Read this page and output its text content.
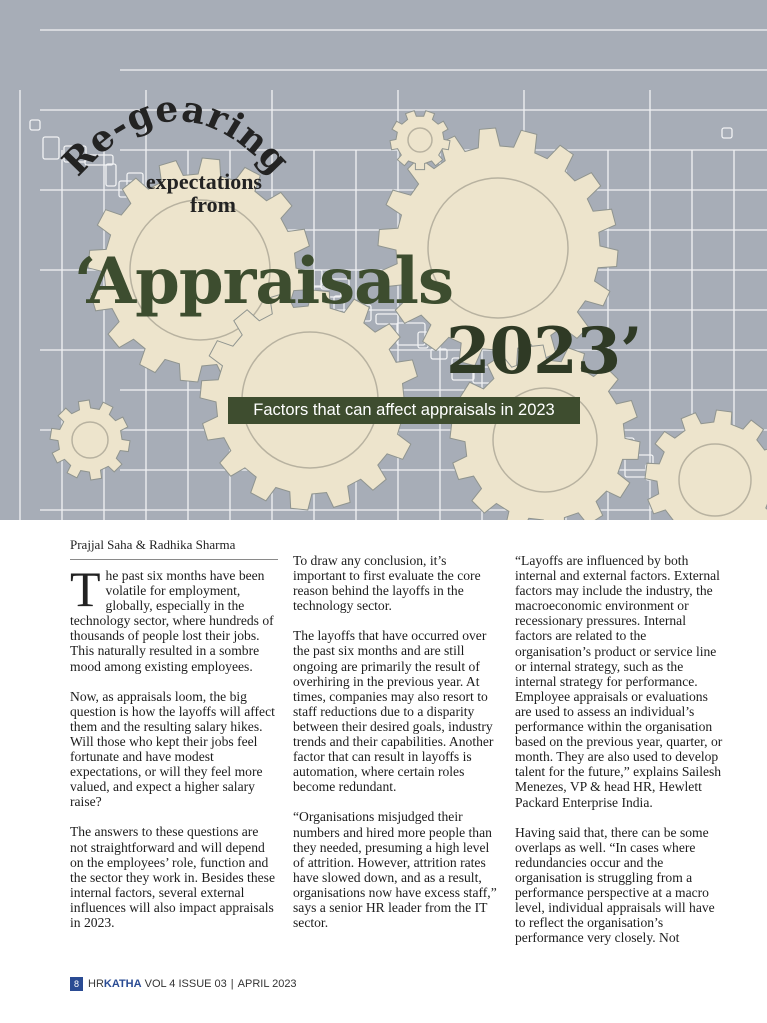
Re-gearing
expectations
from
‘Appraisals
2023’
Factors that can affect appraisals in 2023
Prajjal Saha & Radhika Sharma

The past six months have been volatile for employment, globally, especially in the technology sector, where hundreds of thousands of people lost their jobs. This naturally resulted in a sombre mood among existing employees.

Now, as appraisals loom, the big question is how the layoffs will affect them and the resulting salary hikes. Will those who kept their jobs feel fortunate and have modest expectations, or will they feel more valued, and expect a higher salary raise?

The answers to these questions are not straightforward and will depend on the employees’ role, function and the sector they work in. Besides these internal factors, several external influences will also impact appraisals in 2023.

To draw any conclusion, it’s important to first evaluate the core reason behind the layoffs in the technology sector.

The layoffs that have occurred over the past six months and are still ongoing are primarily the result of overhiring in the previous year. At times, companies may also resort to staff reductions due to a disparity between their desired goals, industry trends and their capabilities. Another factor that can result in layoffs is automation, where certain roles become redundant.

“Organisations misjudged their numbers and hired more people than they needed, presuming a high level of attrition. However, attrition rates have slowed down, and as a result, organisations now have excess staff,” says a senior HR leader from the IT sector.

“Layoffs are influenced by both internal and external factors. External factors may include the industry, the macroeconomic environment or recessionary pressures. Internal factors are related to the organisation’s product or service line or internal strategy, such as the internal strategy for performance. Employee appraisals or evaluations are used to assess an individual’s performance within the organisation based on the previous year, quarter, or month. They are also used to develop talent for the future,” explains Sailesh Menezes, VP & head HR, Hewlett Packard Enterprise India.

Having said that, there can be some overlaps as well. “In cases where redundancies occur and the organisation is struggling from a performance perspective at a macro level, individual appraisals will have to reflect the organisation’s performance very closely. Not

8 HRKATHA VOL 4 ISSUE 03 | APRIL 2023
